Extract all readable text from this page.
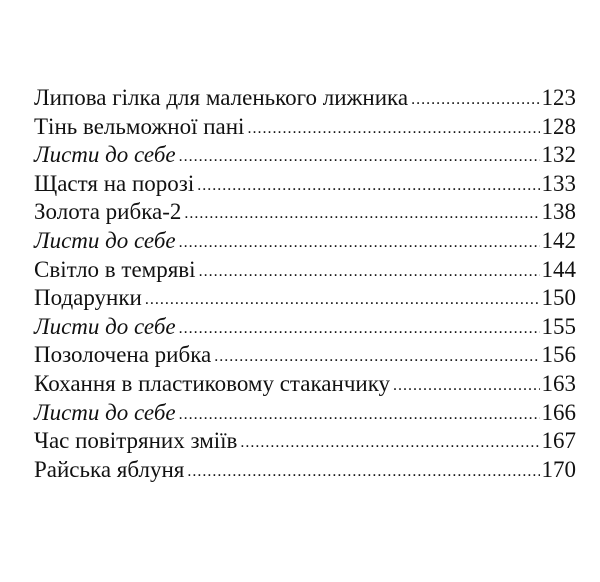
Липова гілка для маленького лижника .....	123
Тінь вельможної пані .....	128
Листи до себе .....	132
Щастя на порозі .....	133
Золота рибка-2 .....	138
Листи до себе .....	142
Світло в темряві .....	144
Подарунки .....	150
Листи до себе .....	155
Позолочена рибка .....	156
Кохання в пластиковому стаканчику .....	163
Листи до себе .....	166
Час повітряних зміїв .....	167
Райська яблуня .....	170
